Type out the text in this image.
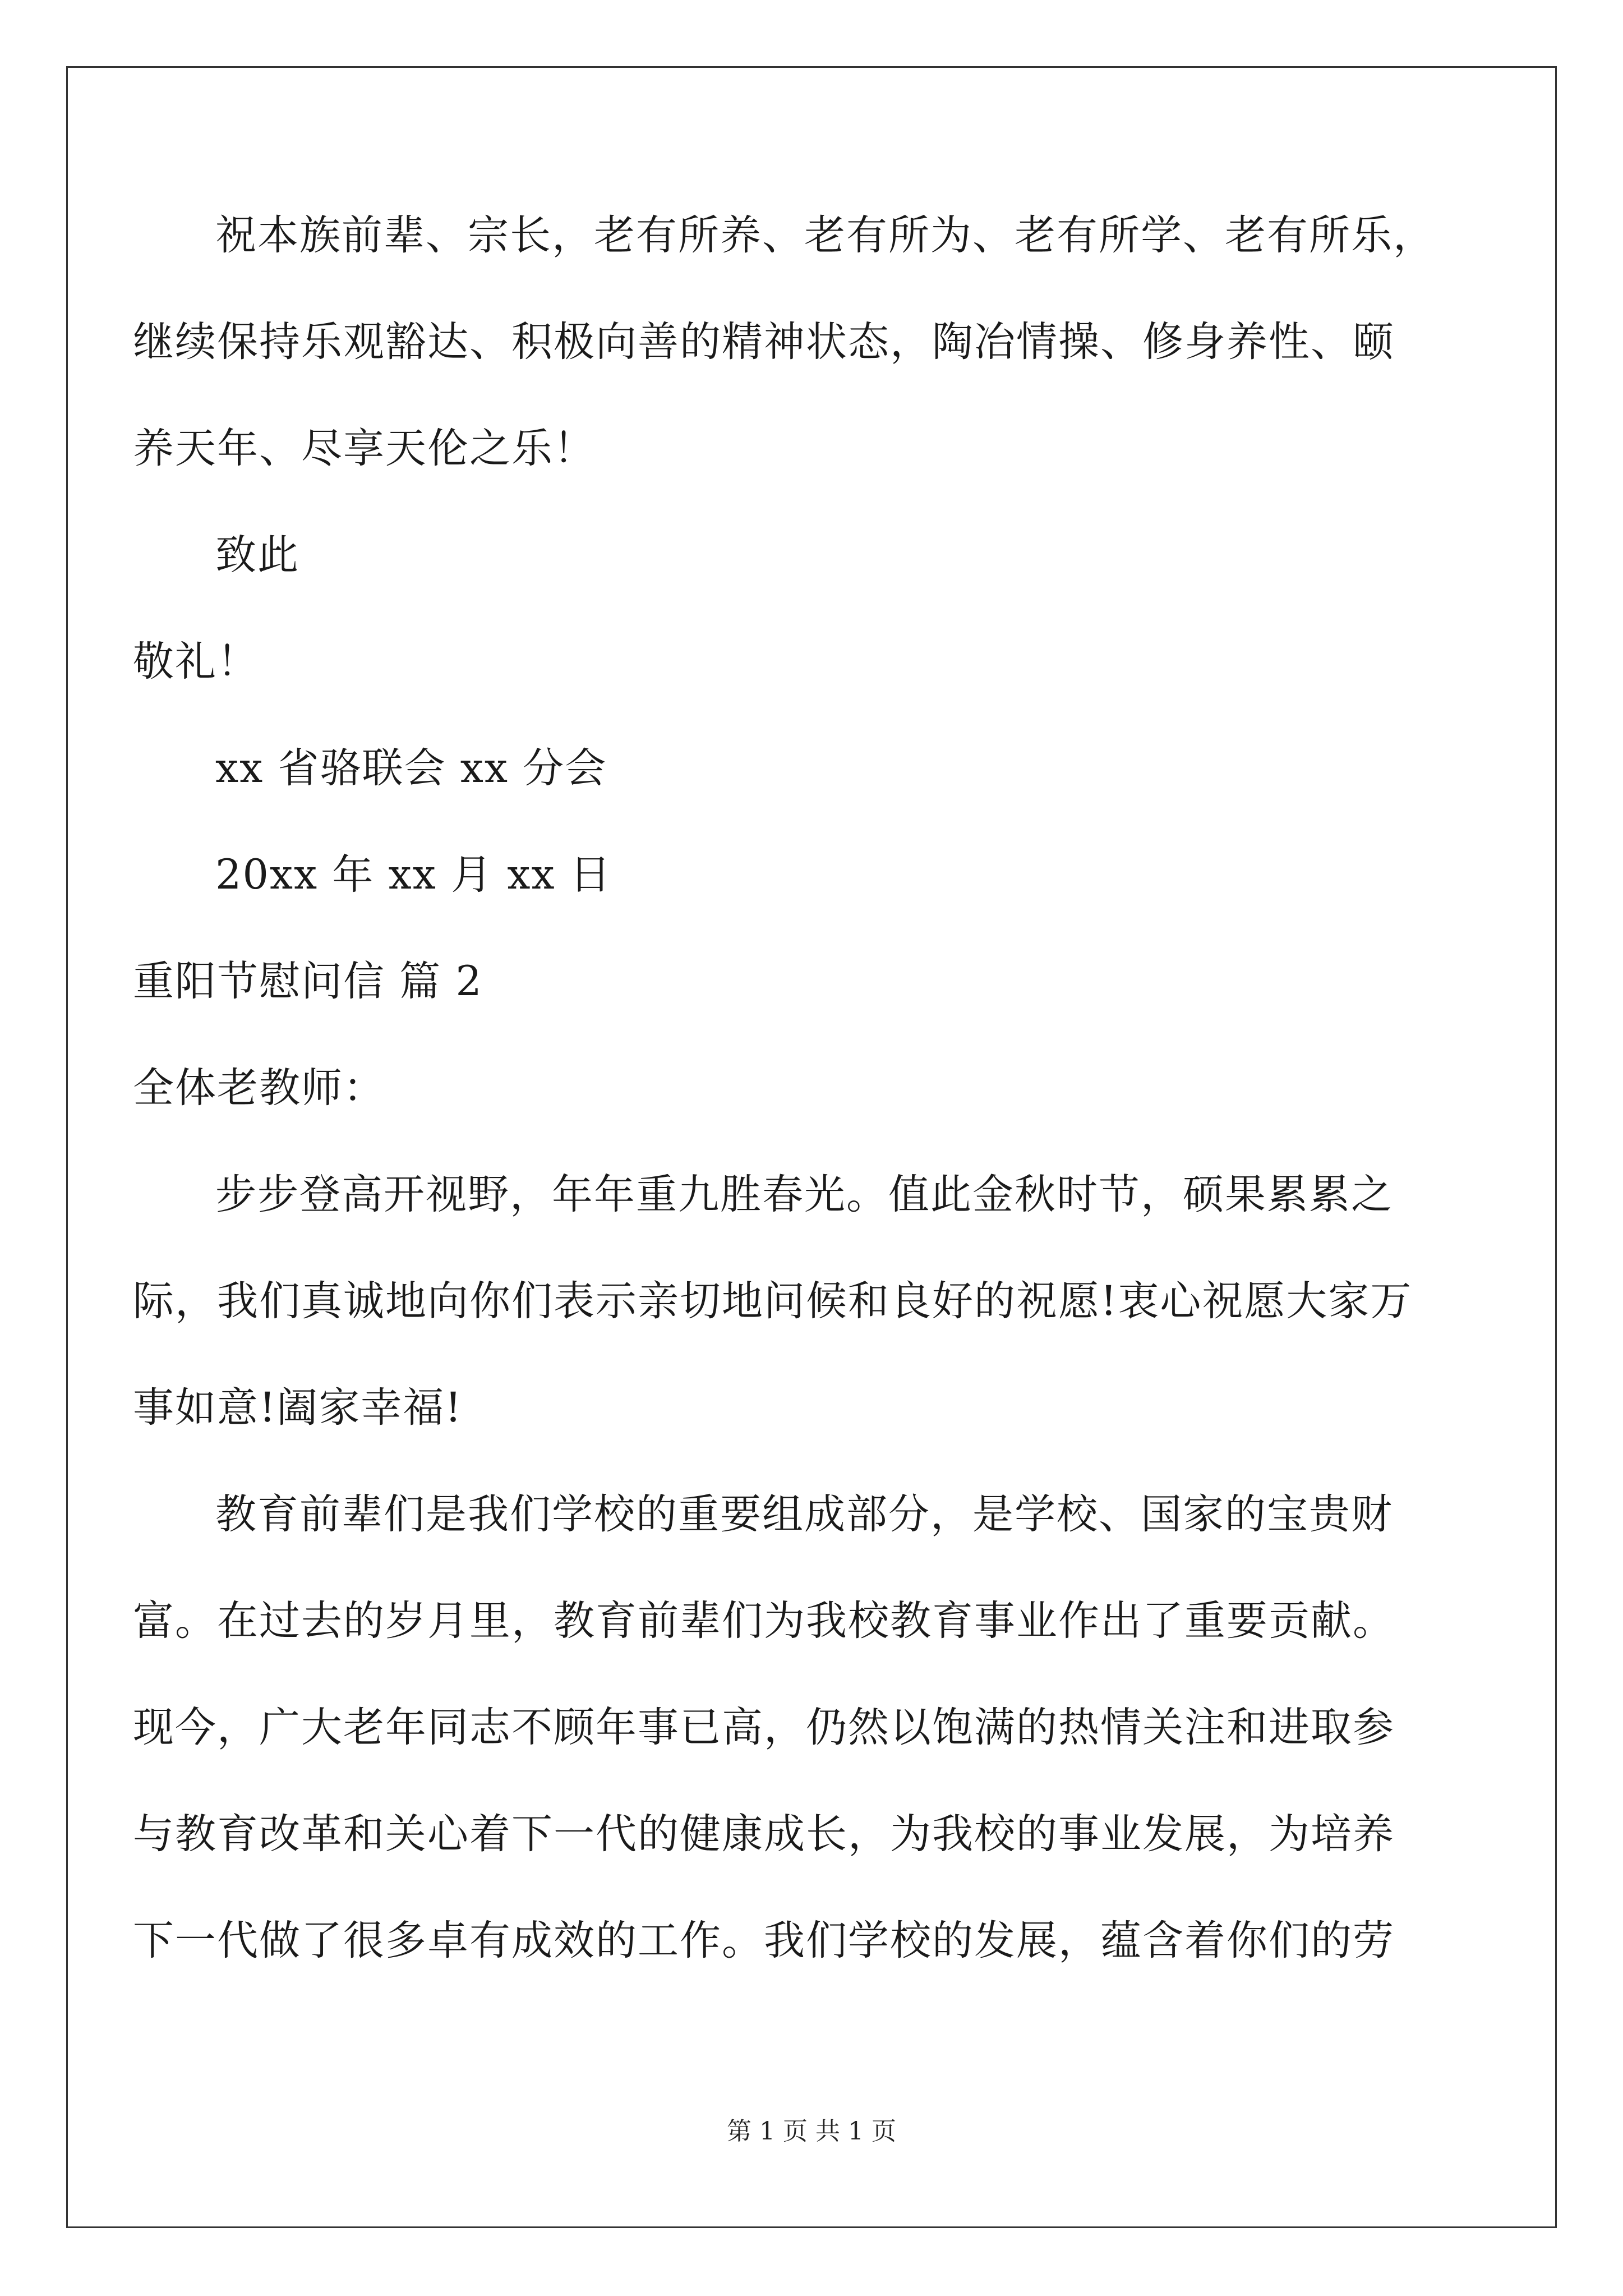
祝本族前辈、宗长，老有所养、老有所为、老有所学、老有所乐，
继续保持乐观豁达、积极向善的精神状态，陶冶情操、修身养性、颐
养天年、尽享天伦之乐！
致此
敬礼！
xx 省骆联会 xx 分会
20xx 年 xx 月 xx 日
重阳节慰问信 篇 2
全体老教师：
步步登高开视野，年年重九胜春光。值此金秋时节，硕果累累之
际，我们真诚地向你们表示亲切地问候和良好的祝愿!衷心祝愿大家万
事如意!阖家幸福!
教育前辈们是我们学校的重要组成部分，是学校、国家的宝贵财
富。在过去的岁月里，教育前辈们为我校教育事业作出了重要贡献。
现今，广大老年同志不顾年事已高，仍然以饱满的热情关注和进取参
与教育改革和关心着下一代的健康成长，为我校的事业发展，为培养
下一代做了很多卓有成效的工作。我们学校的发展，蕴含着你们的劳
第 1 页 共 1 页
